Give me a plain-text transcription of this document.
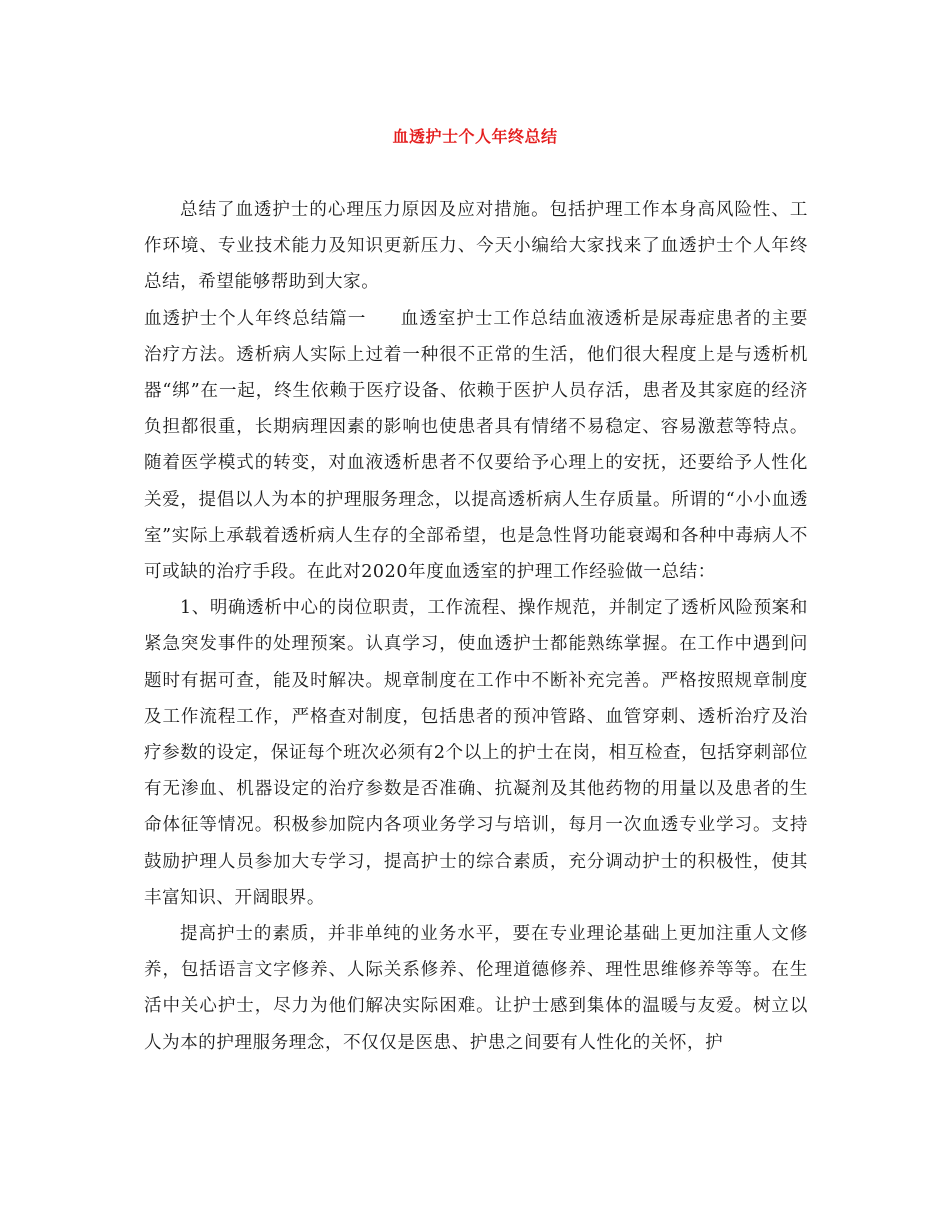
血透护士个人年终总结

总结了血透护士的心理压力原因及应对措施。包括护理工作本身高风险性、工作环境、专业技术能力及知识更新压力、今天小编给大家找来了血透护士个人年终总结，希望能够帮助到大家。

血透护士个人年终总结篇一 血透室护士工作总结血液透析是尿毒症患者的主要治疗方法。透析病人实际上过着一种很不正常的生活，他们很大程度上是与透析机器“绑”在一起，终生依赖于医疗设备、依赖于医护人员存活，患者及其家庭的经济负担都很重，长期病理因素的影响也使患者具有情绪不易稳定、容易激惹等特点。随着医学模式的转变，对血液透析患者不仅要给予心理上的安抚，还要给予人性化关爱，提倡以人为本的护理服务理念，以提高透析病人生存质量。所谓的“小小血透室”实际上承载着透析病人生存的全部希望，也是急性肾功能衰竭和各种中毒病人不可或缺的治疗手段。在此对2020年度血透室的护理工作经验做一总结：

1、明确透析中心的岗位职责，工作流程、操作规范，并制定了透析风险预案和紧急突发事件的处理预案。认真学习，使血透护士都能熟练掌握。在工作中遇到问题时有据可查，能及时解决。规章制度在工作中不断补充完善。严格按照规章制度及工作流程工作，严格查对制度，包括患者的预冲管路、血管穿刺、透析治疗及治疗参数的设定，保证每个班次必须有2个以上的护士在岗，相互检查，包括穿刺部位有无渗血、机器设定的治疗参数是否准确、抗凝剂及其他药物的用量以及患者的生命体征等情况。积极参加院内各项业务学习与培训，每月一次血透专业学习。支持鼓励护理人员参加大专学习，提高护士的综合素质，充分调动护士的积极性，使其丰富知识、开阔眼界。

提高护士的素质，并非单纯的业务水平，要在专业理论基础上更加注重人文修养，包括语言文字修养、人际关系修养、伦理道德修养、理性思维修养等等。在生活中关心护士，尽力为他们解决实际困难。让护士感到集体的温暖与友爱。树立以人为本的护理服务理念，不仅仅是医患、护患之间要有人性化的关怀，护
